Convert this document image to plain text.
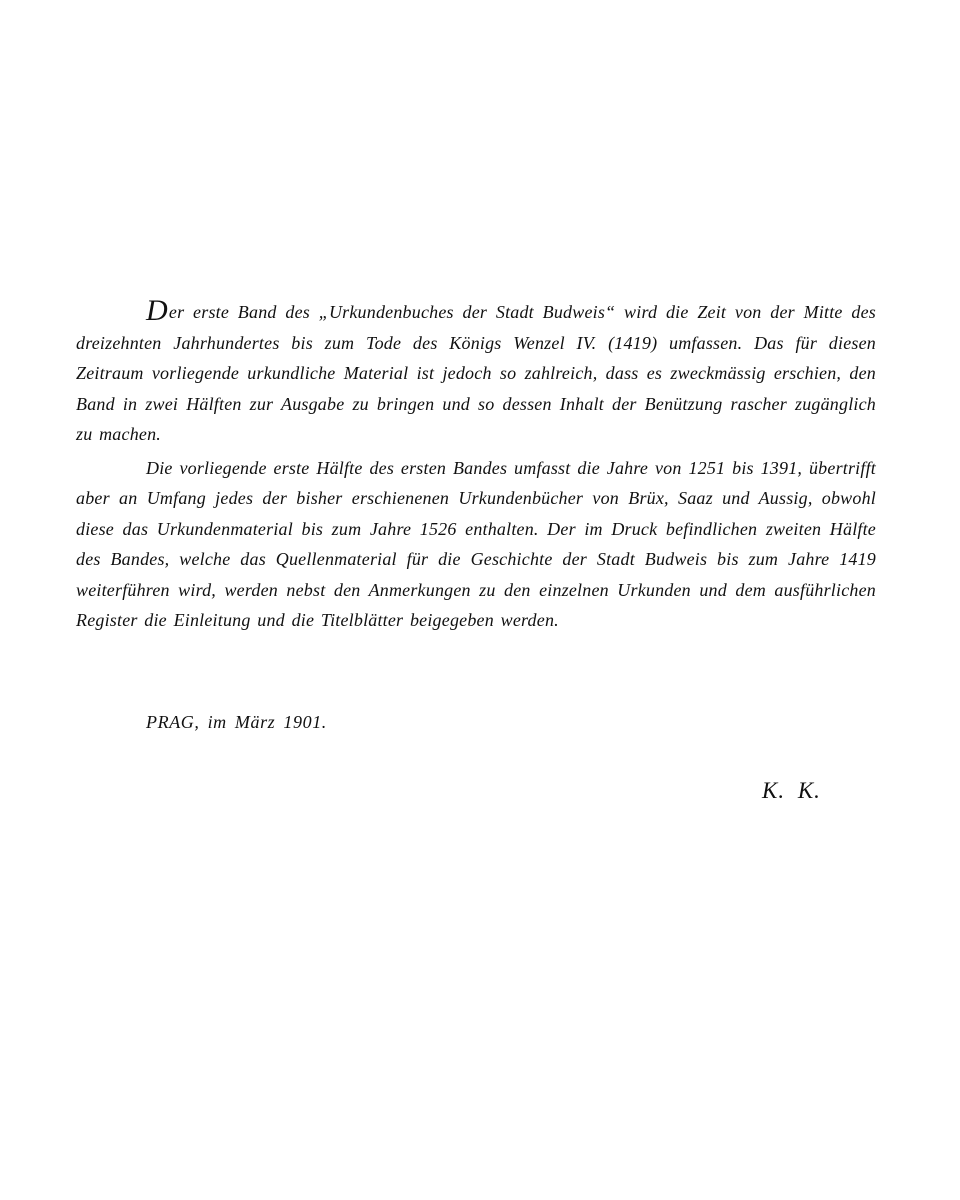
Der erste Band des „Urkundenbuches der Stadt Budweis“ wird die Zeit von der Mitte des dreizehnten Jahrhundertes bis zum Tode des Königs Wenzel IV. (1419) umfassen. Das für diesen Zeitraum vorliegende urkundliche Material ist jedoch so zahlreich, dass es zweckmässig erschien, den Band in zwei Hälften zur Ausgabe zu bringen und so dessen Inhalt der Benützung rascher zugänglich zu machen.

Die vorliegende erste Hälfte des ersten Bandes umfasst die Jahre von 1251 bis 1391, übertrifft aber an Umfang jedes der bisher erschienenen Urkundenbücher von Brüx, Saaz und Aussig, obwohl diese das Urkundenmaterial bis zum Jahre 1526 enthalten. Der im Druck befindlichen zweiten Hälfte des Bandes, welche das Quellenmaterial für die Geschichte der Stadt Budweis bis zum Jahre 1419 weiterführen wird, werden nebst den Anmerkungen zu den einzelnen Urkunden und dem ausführlichen Register die Einleitung und die Titelblätter beigegeben werden.

PRAG, im März 1901.
K. K.
